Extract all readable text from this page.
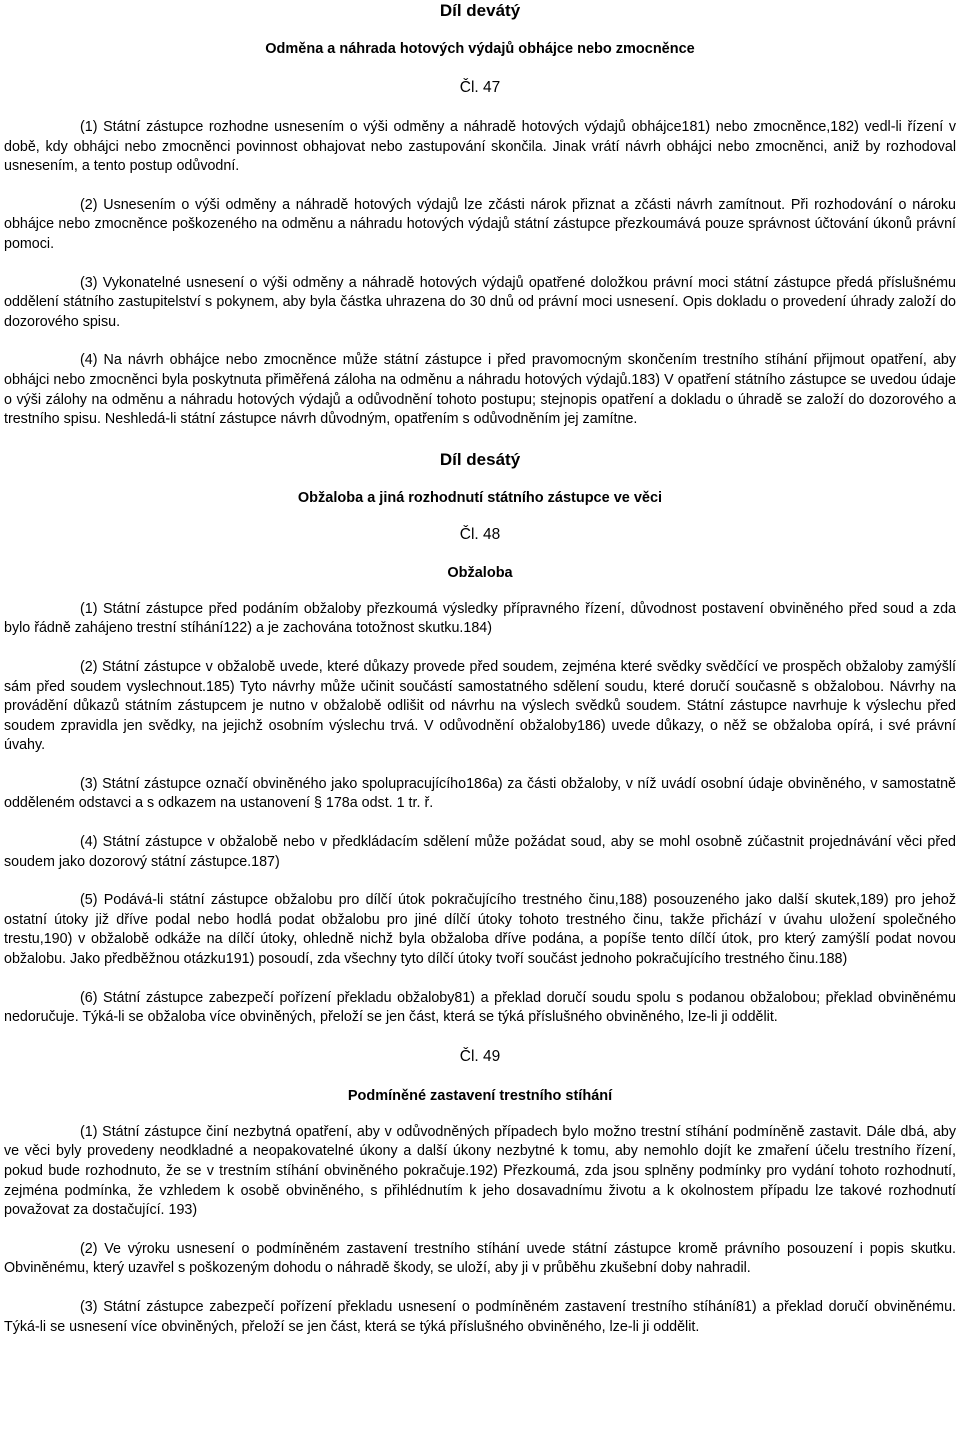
Díl devátý
Odměna a náhrada hotových výdajů obhájce nebo zmocněnce
Čl. 47

(1) Státní zástupce rozhodne usnesením o výši odměny a náhradě hotových výdajů obhájce181) nebo zmocněnce,182) vedl-li řízení v době, kdy obhájci nebo zmocněnci povinnost obhajovat nebo zastupování skončila. Jinak vrátí návrh obhájci nebo zmocněnci, aniž by rozhodoval usnesením, a tento postup odůvodní.

(2) Usnesením o výši odměny a náhradě hotových výdajů lze zčásti nárok přiznat a zčásti návrh zamítnout. Při rozhodování o nároku obhájce nebo zmocněnce poškozeného na odměnu a náhradu hotových výdajů státní zástupce přezkoumává pouze správnost účtování úkonů právní pomoci.

(3) Vykonatelné usnesení o výši odměny a náhradě hotových výdajů opatřené doložkou právní moci státní zástupce předá příslušnému oddělení státního zastupitelství s pokynem, aby byla částka uhrazena do 30 dnů od právní moci usnesení. Opis dokladu o provedení úhrady založí do dozorového spisu.

(4) Na návrh obhájce nebo zmocněnce může státní zástupce i před pravomocným skončením trestního stíhání přijmout opatření, aby obhájci nebo zmocněnci byla poskytnuta přiměřená záloha na odměnu a náhradu hotových výdajů.183) V opatření státního zástupce se uvedou údaje o výši zálohy na odměnu a náhradu hotových výdajů a odůvodnění tohoto postupu; stejnopis opatření a dokladu o úhradě se založí do dozorového a trestního spisu. Neshledá-li státní zástupce návrh důvodným, opatřením s odůvodněním jej zamítne.

Díl desátý
Obžaloba a jiná rozhodnutí státního zástupce ve věci
Čl. 48
Obžaloba

(1) Státní zástupce před podáním obžaloby přezkoumá výsledky přípravného řízení, důvodnost postavení obviněného před soud a zda bylo řádně zahájeno trestní stíhání122) a je zachována totožnost skutku.184)

(2) Státní zástupce v obžalobě uvede, které důkazy provede před soudem, zejména které svědky svědčící ve prospěch obžaloby zamýšlí sám před soudem vyslechnout.185) Tyto návrhy může učinit součástí samostatného sdělení soudu, které doručí současně s obžalobou. Návrhy na provádění důkazů státním zástupcem je nutno v obžalobě odlišit od návrhu na výslech svědků soudem. Státní zástupce navrhuje k výslechu před soudem zpravidla jen svědky, na jejichž osobním výslechu trvá. V odůvodnění obžaloby186) uvede důkazy, o něž se obžaloba opírá, i své právní úvahy.

(3) Státní zástupce označí obviněného jako spolupracujícího186a) za části obžaloby, v níž uvádí osobní údaje obviněného, v samostatně odděleném odstavci a s odkazem na ustanovení § 178a odst. 1 tr. ř.

(4) Státní zástupce v obžalobě nebo v předkládacím sdělení může požádat soud, aby se mohl osobně zúčastnit projednávání věci před soudem jako dozorový státní zástupce.187)

(5) Podává-li státní zástupce obžalobu pro dílčí útok pokračujícího trestného činu,188) posouzeného jako další skutek,189) pro jehož ostatní útoky již dříve podal nebo hodlá podat obžalobu pro jiné dílčí útoky tohoto trestného činu, takže přichází v úvahu uložení společného trestu,190) v obžalobě odkáže na dílčí útoky, ohledně nichž byla obžaloba dříve podána, a popíše tento dílčí útok, pro který zamýšlí podat novou obžalobu. Jako předběžnou otázku191) posoudí, zda všechny tyto dílčí útoky tvoří součást jednoho pokračujícího trestného činu.188)

(6) Státní zástupce zabezpečí pořízení překladu obžaloby81) a překlad doručí soudu spolu s podanou obžalobou; překlad obviněnému nedoručuje. Týká-li se obžaloba více obviněných, přeloží se jen část, která se týká příslušného obviněného, lze-li ji oddělit.

Čl. 49
Podmíněné zastavení trestního stíhání

(1) Státní zástupce činí nezbytná opatření, aby v odůvodněných případech bylo možno trestní stíhání podmíněně zastavit. Dále dbá, aby ve věci byly provedeny neodkladné a neopakovatelné úkony a další úkony nezbytné k tomu, aby nemohlo dojít ke zmaření účelu trestního řízení, pokud bude rozhodnuto, že se v trestním stíhání obviněného pokračuje.192) Přezkoumá, zda jsou splněny podmínky pro vydání tohoto rozhodnutí, zejména podmínka, že vzhledem k osobě obviněného, s přihlédnutím k jeho dosavadnímu životu a k okolnostem případu lze takové rozhodnutí považovat za dostačující. 193)

(2) Ve výroku usnesení o podmíněném zastavení trestního stíhání uvede státní zástupce kromě právního posouzení i popis skutku. Obviněnému, který uzavřel s poškozeným dohodu o náhradě škody, se uloží, aby ji v průběhu zkušební doby nahradil.

(3) Státní zástupce zabezpečí pořízení překladu usnesení o podmíněném zastavení trestního stíhání81) a překlad doručí obviněnému. Týká-li se usnesení více obviněných, přeloží se jen část, která se týká příslušného obviněného, lze-li ji oddělit.
